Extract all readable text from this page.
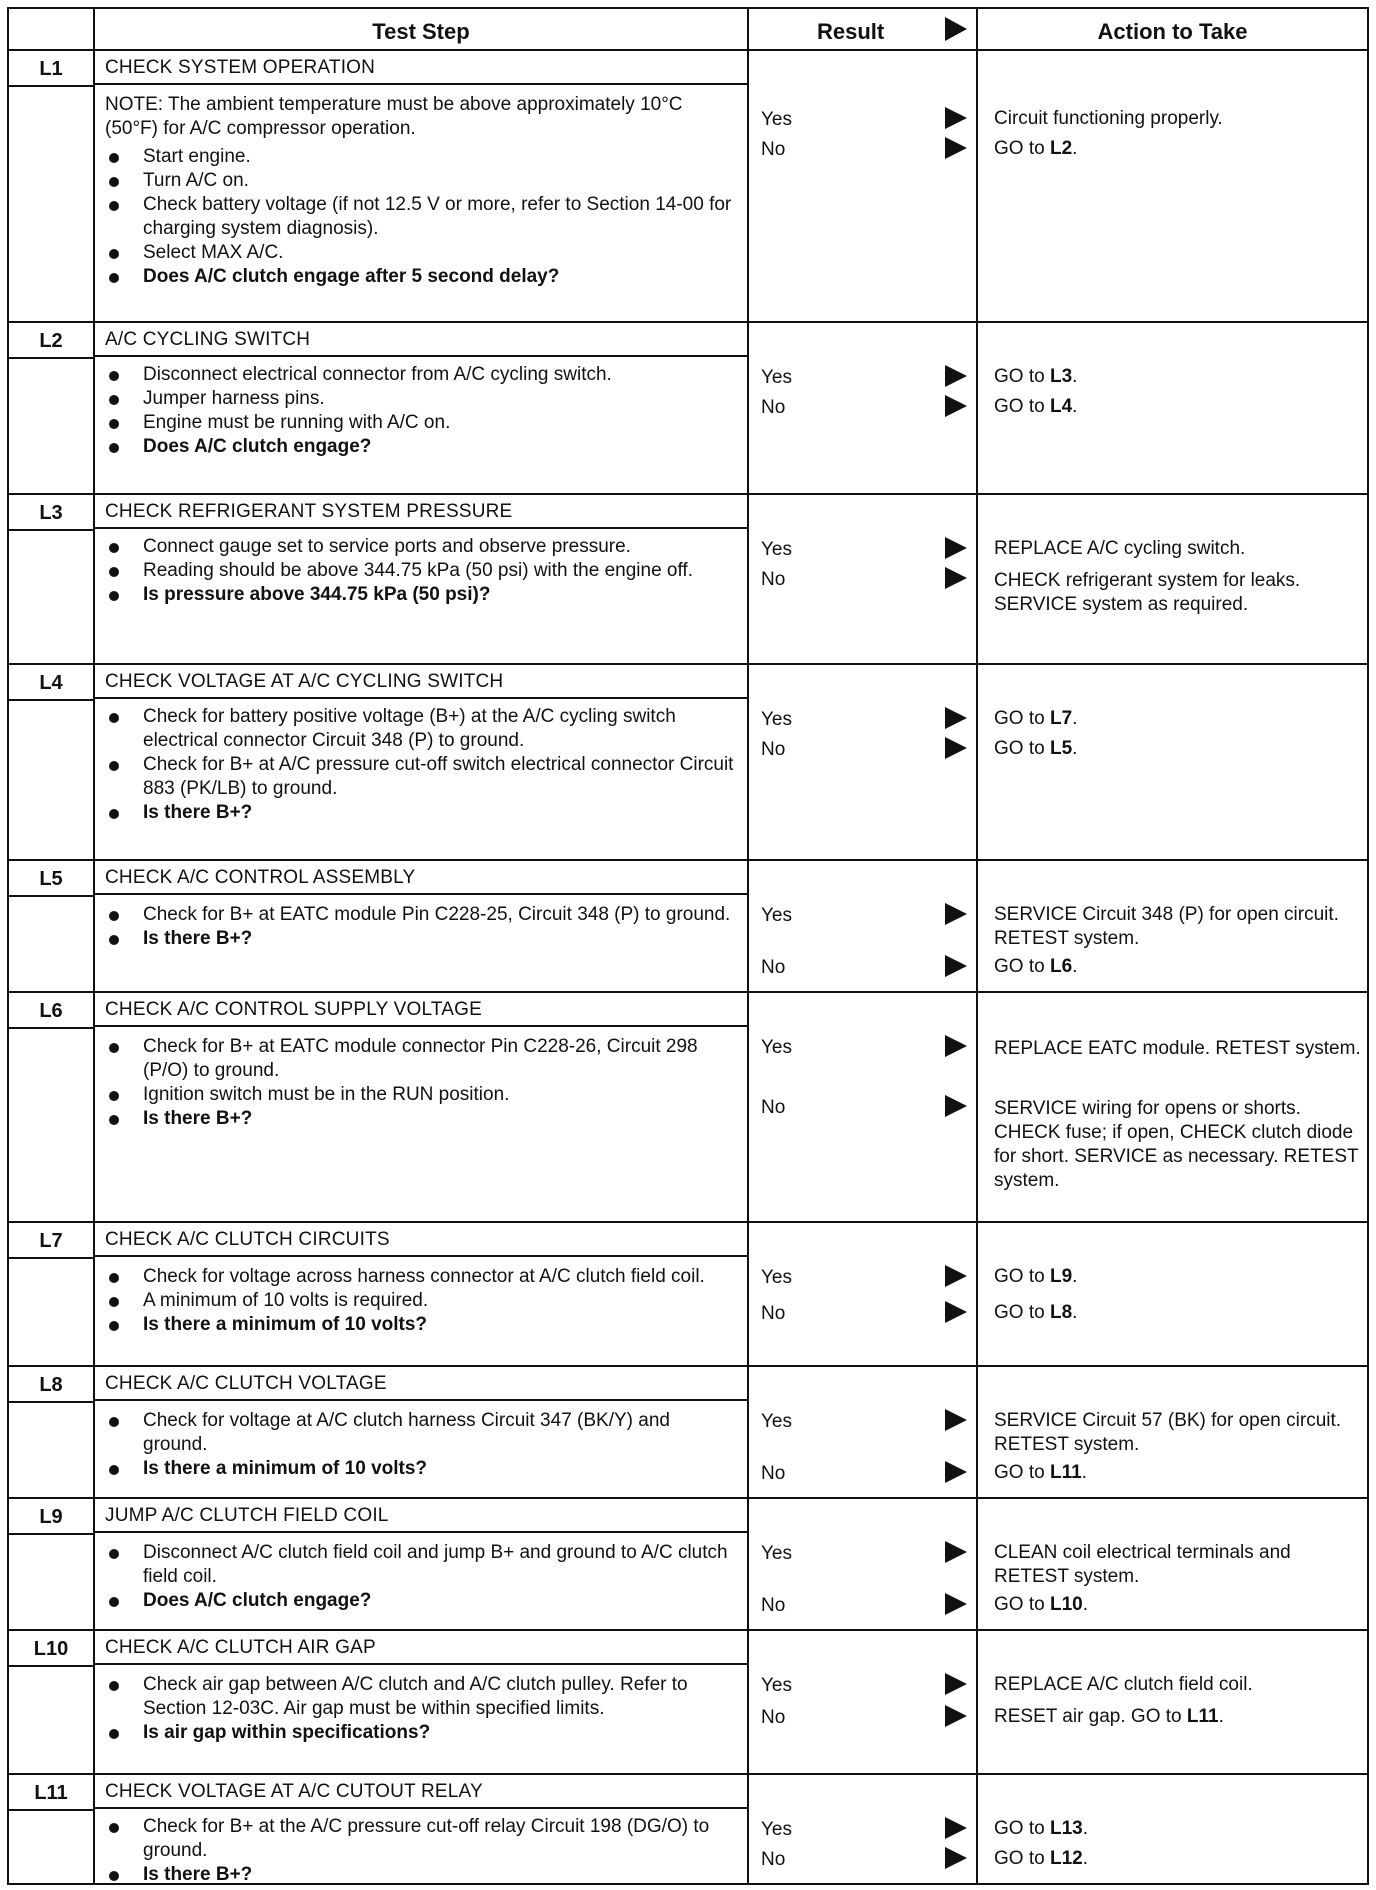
Test Step	Result	Action to Take
L1	CHECK SYSTEM OPERATION
NOTE: The ambient temperature must be above approximately 10°C (50°F) for A/C compressor operation.
Start engine.
Turn A/C on.
Check battery voltage (if not 12.5 V or more, refer to Section 14-00 for charging system diagnosis).
Select MAX A/C.
Does A/C clutch engage after 5 second delay?
Yes	Circuit functioning properly.
No	GO to L2.
L2	A/C CYCLING SWITCH
Disconnect electrical connector from A/C cycling switch.
Jumper harness pins.
Engine must be running with A/C on.
Does A/C clutch engage?
Yes	GO to L3.
No	GO to L4.
L3	CHECK REFRIGERANT SYSTEM PRESSURE
Connect gauge set to service ports and observe pressure.
Reading should be above 344.75 kPa (50 psi) with the engine off.
Is pressure above 344.75 kPa (50 psi)?
Yes	REPLACE A/C cycling switch.
No	CHECK refrigerant system for leaks. SERVICE system as required.
L4	CHECK VOLTAGE AT A/C CYCLING SWITCH
Check for battery positive voltage (B+) at the A/C cycling switch electrical connector Circuit 348 (P) to ground.
Check for B+ at A/C pressure cut-off switch electrical connector Circuit 883 (PK/LB) to ground.
Is there B+?
Yes	GO to L7.
No	GO to L5.
L5	CHECK A/C CONTROL ASSEMBLY
Check for B+ at EATC module Pin C228-25, Circuit 348 (P) to ground.
Is there B+?
Yes	SERVICE Circuit 348 (P) for open circuit. RETEST system.
No	GO to L6.
L6	CHECK A/C CONTROL SUPPLY VOLTAGE
Check for B+ at EATC module connector Pin C228-26, Circuit 298 (P/O) to ground.
Ignition switch must be in the RUN position.
Is there B+?
Yes	REPLACE EATC module. RETEST system.
No	SERVICE wiring for opens or shorts. CHECK fuse; if open, CHECK clutch diode for short. SERVICE as necessary. RETEST system.
L7	CHECK A/C CLUTCH CIRCUITS
Check for voltage across harness connector at A/C clutch field coil.
A minimum of 10 volts is required.
Is there a minimum of 10 volts?
Yes	GO to L9.
No	GO to L8.
L8	CHECK A/C CLUTCH VOLTAGE
Check for voltage at A/C clutch harness Circuit 347 (BK/Y) and ground.
Is there a minimum of 10 volts?
Yes	SERVICE Circuit 57 (BK) for open circuit. RETEST system.
No	GO to L11.
L9	JUMP A/C CLUTCH FIELD COIL
Disconnect A/C clutch field coil and jump B+ and ground to A/C clutch field coil.
Does A/C clutch engage?
Yes	CLEAN coil electrical terminals and RETEST system.
No	GO to L10.
L10	CHECK A/C CLUTCH AIR GAP
Check air gap between A/C clutch and A/C clutch pulley. Refer to Section 12-03C. Air gap must be within specified limits.
Is air gap within specifications?
Yes	REPLACE A/C clutch field coil.
No	RESET air gap. GO to L11.
L11	CHECK VOLTAGE AT A/C CUTOUT RELAY
Check for B+ at the A/C pressure cut-off relay Circuit 198 (DG/O) to ground.
Is there B+?
Yes	GO to L13.
No	GO to L12.
